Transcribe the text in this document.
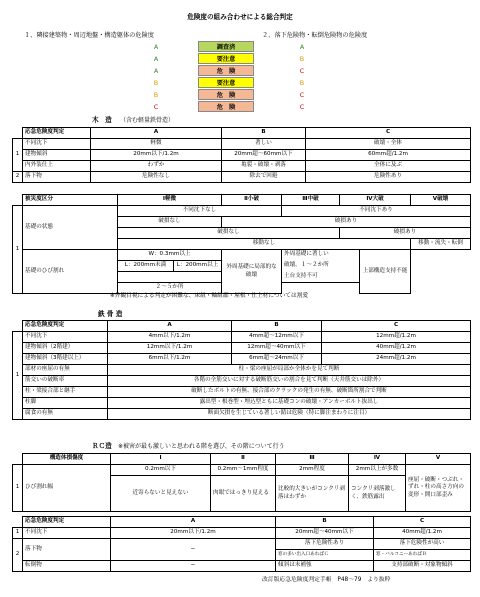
危険度の組み合わせによる総合判定
１、隣接建築物・周辺地盤・構造躯体の危険度	２、落下危険物・転倒危険物の危険度
A	調査済	A
A	要注意	B
A	危　険	C
B	要注意	B
B	危　険	C
C	危　険	C
木　造 （含む軽量鉄骨造）
	応急危険度判定	A	B	C
1	不同沈下	軽微	著しい	破壊・全体
	建物傾斜	20mm以下/1.2m	20mm超〜60mm以下	60mm超/1.2m
	内外装仕上	わずか	亀裂・破壊・剥落	全体に及ぶ
2	落下物	危険性なし	除去で回避	危険性あり
	被災度区分	Ⅰ軽微		Ⅱ小破	Ⅲ中破	Ⅳ大破		Ⅴ破壊
1	基礎の状態	不同沈下なし			不同沈下あり			
		破損なし		破損あり				
		破損なし				破損あり		
		移動なし						移動・流失・転倒
	基礎のひび割れ	W：0.3mm以上		外周基礎に局部的な破壊	外周基礎に著しい		上部構造支持不能	
		L：200mm未満	L：200mm以上		破壊。１〜２か所			
					土台支持不可			
		２〜５か所						
※外観目視による判定が困難な、床組・軸組郡・屋根・仕上材については割愛
鉄 骨 造
	応急危険度判定	A	B	C
1	不同沈下	4mm以下/1.2m	4mm超〜12mm以下	12mm超/1.2m
	建物傾斜（2階建）	12mm以下/1.2m	12mm超〜40mm以下	40mm超/1.2m
	建物傾斜（3階建以上）	6mm以下/1.2m	6mm超〜24mm以下	24mm超/1.2m
	部材の座屈の有無	柱・梁の座屈が局部か全体かを見て判断		
	筋交いの破断率	各階の全筋交いに対する破断筋交いの割合を見て判断（天井筋交いは除外）		
	柱・梁接合部と継手	破断したボルトの有無、接合部のクラックの発生の有無、破断箇所割合で判断		
	柱脚	露出型・根巻型・埋込型ともに基礎コンの破壊・アンカーボルト抜出し		
	腐食の有無	断面欠損を生じている著しい錆は危険（特に脚注まわりに注目）		
ＲＣ造 ※被害が最も激しいと思われる階を選び、その階について行う
	構造体損傷度	Ⅰ	Ⅱ	Ⅲ	Ⅳ	Ⅴ
1	ひび割れ幅	0.2mm以下	0.2mm〜1mm程度	2mm程度	2mm以上が多数	座屈・破断・つぶれ・ずれ・柱の高さ方向の変形・開口部歪み
		近寄らないと見えない	肉眼ではっきり見える	比較的大きいがコンクリ剥落はわずか	コンクリ剥落激しく、鉄筋露出	
	応急危険度判定	A	B	C
1	不同沈下	20mm以下/1.2m	20mm超〜40mm以下	40mm超/1.2m
2	落下物	−	落下危険性あり	落下危険性が高い
			窓の多い出入口あればＣ	窓・バルコニーあればＢ
	転倒物	−	傾斜は未補強	支持部破断・対象物傾斜
改訂版応急危険度判定手帳　P48〜79　より抜粋
